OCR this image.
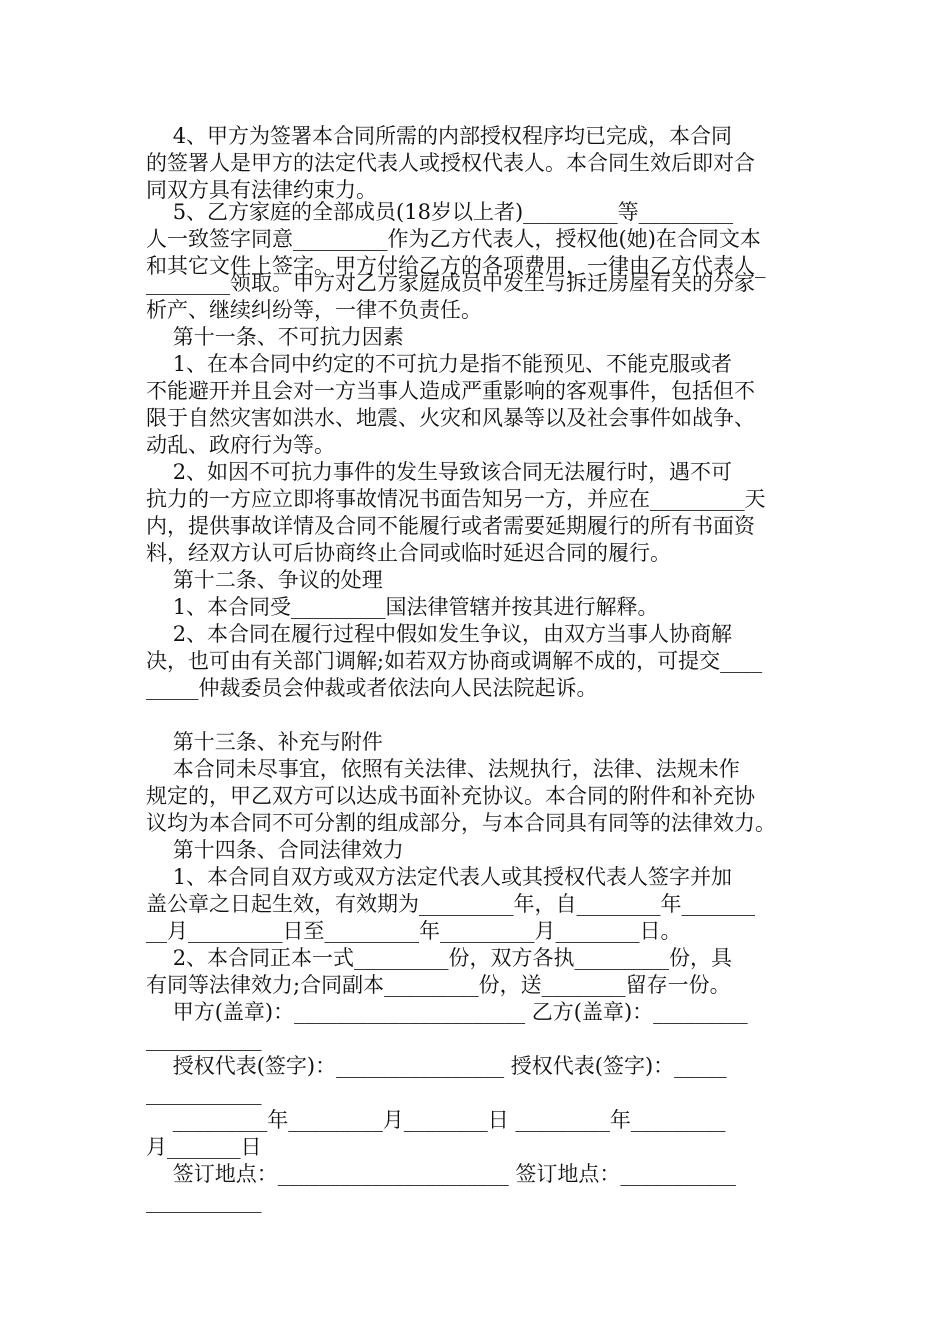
4、甲方为签署本合同所需的内部授权程序均已完成，本合同
的签署人是甲方的法定代表人或授权代表人。本合同生效后即对合
同双方具有法律约束力。
5、乙方家庭的全部成员(18岁以上者)_________等_________
人一致签字同意_________作为乙方代表人，授权他(她)在合同文本
和其它文件上签字。甲方付给乙方的各项费用，一律由乙方代表人_
________领取。甲方对乙方家庭成员中发生与拆迁房屋有关的分家
析产、继续纠纷等，一律不负责任。
第十一条、不可抗力因素
1、在本合同中约定的不可抗力是指不能预见、不能克服或者
不能避开并且会对一方当事人造成严重影响的客观事件，包括但不
限于自然灾害如洪水、地震、火灾和风暴等以及社会事件如战争、
动乱、政府行为等。
2、如因不可抗力事件的发生导致该合同无法履行时，遇不可
抗力的一方应立即将事故情况书面告知另一方，并应在_________天
内，提供事故详情及合同不能履行或者需要延期履行的所有书面资
料，经双方认可后协商终止合同或临时延迟合同的履行。
第十二条、争议的处理
1、本合同受_________国法律管辖并按其进行解释。
2、本合同在履行过程中假如发生争议，由双方当事人协商解
决，也可由有关部门调解;如若双方协商或调解不成的，可提交____
_____仲裁委员会仲裁或者依法向人民法院起诉。
第十三条、补充与附件
本合同未尽事宜，依照有关法律、法规执行，法律、法规未作
规定的，甲乙双方可以达成书面补充协议。本合同的附件和补充协
议均为本合同不可分割的组成部分，与本合同具有同等的法律效力。
第十四条、合同法律效力
1、本合同自双方或双方法定代表人或其授权代表人签字并加
盖公章之日起生效，有效期为_________年，自________年_______
__月_________日至_________年_________月________日。
2、本合同正本一式_________份，双方各执_________份，具
有同等法律效力;合同副本_________份，送________留存一份。
甲方(盖章)：______________________ 乙方(盖章)：_________
___________
授权代表(签字)：________________ 授权代表(签字)：_____
___________
_________年_________月________日 _________年_________
月_______日
签订地点：______________________ 签订地点：___________
___________
